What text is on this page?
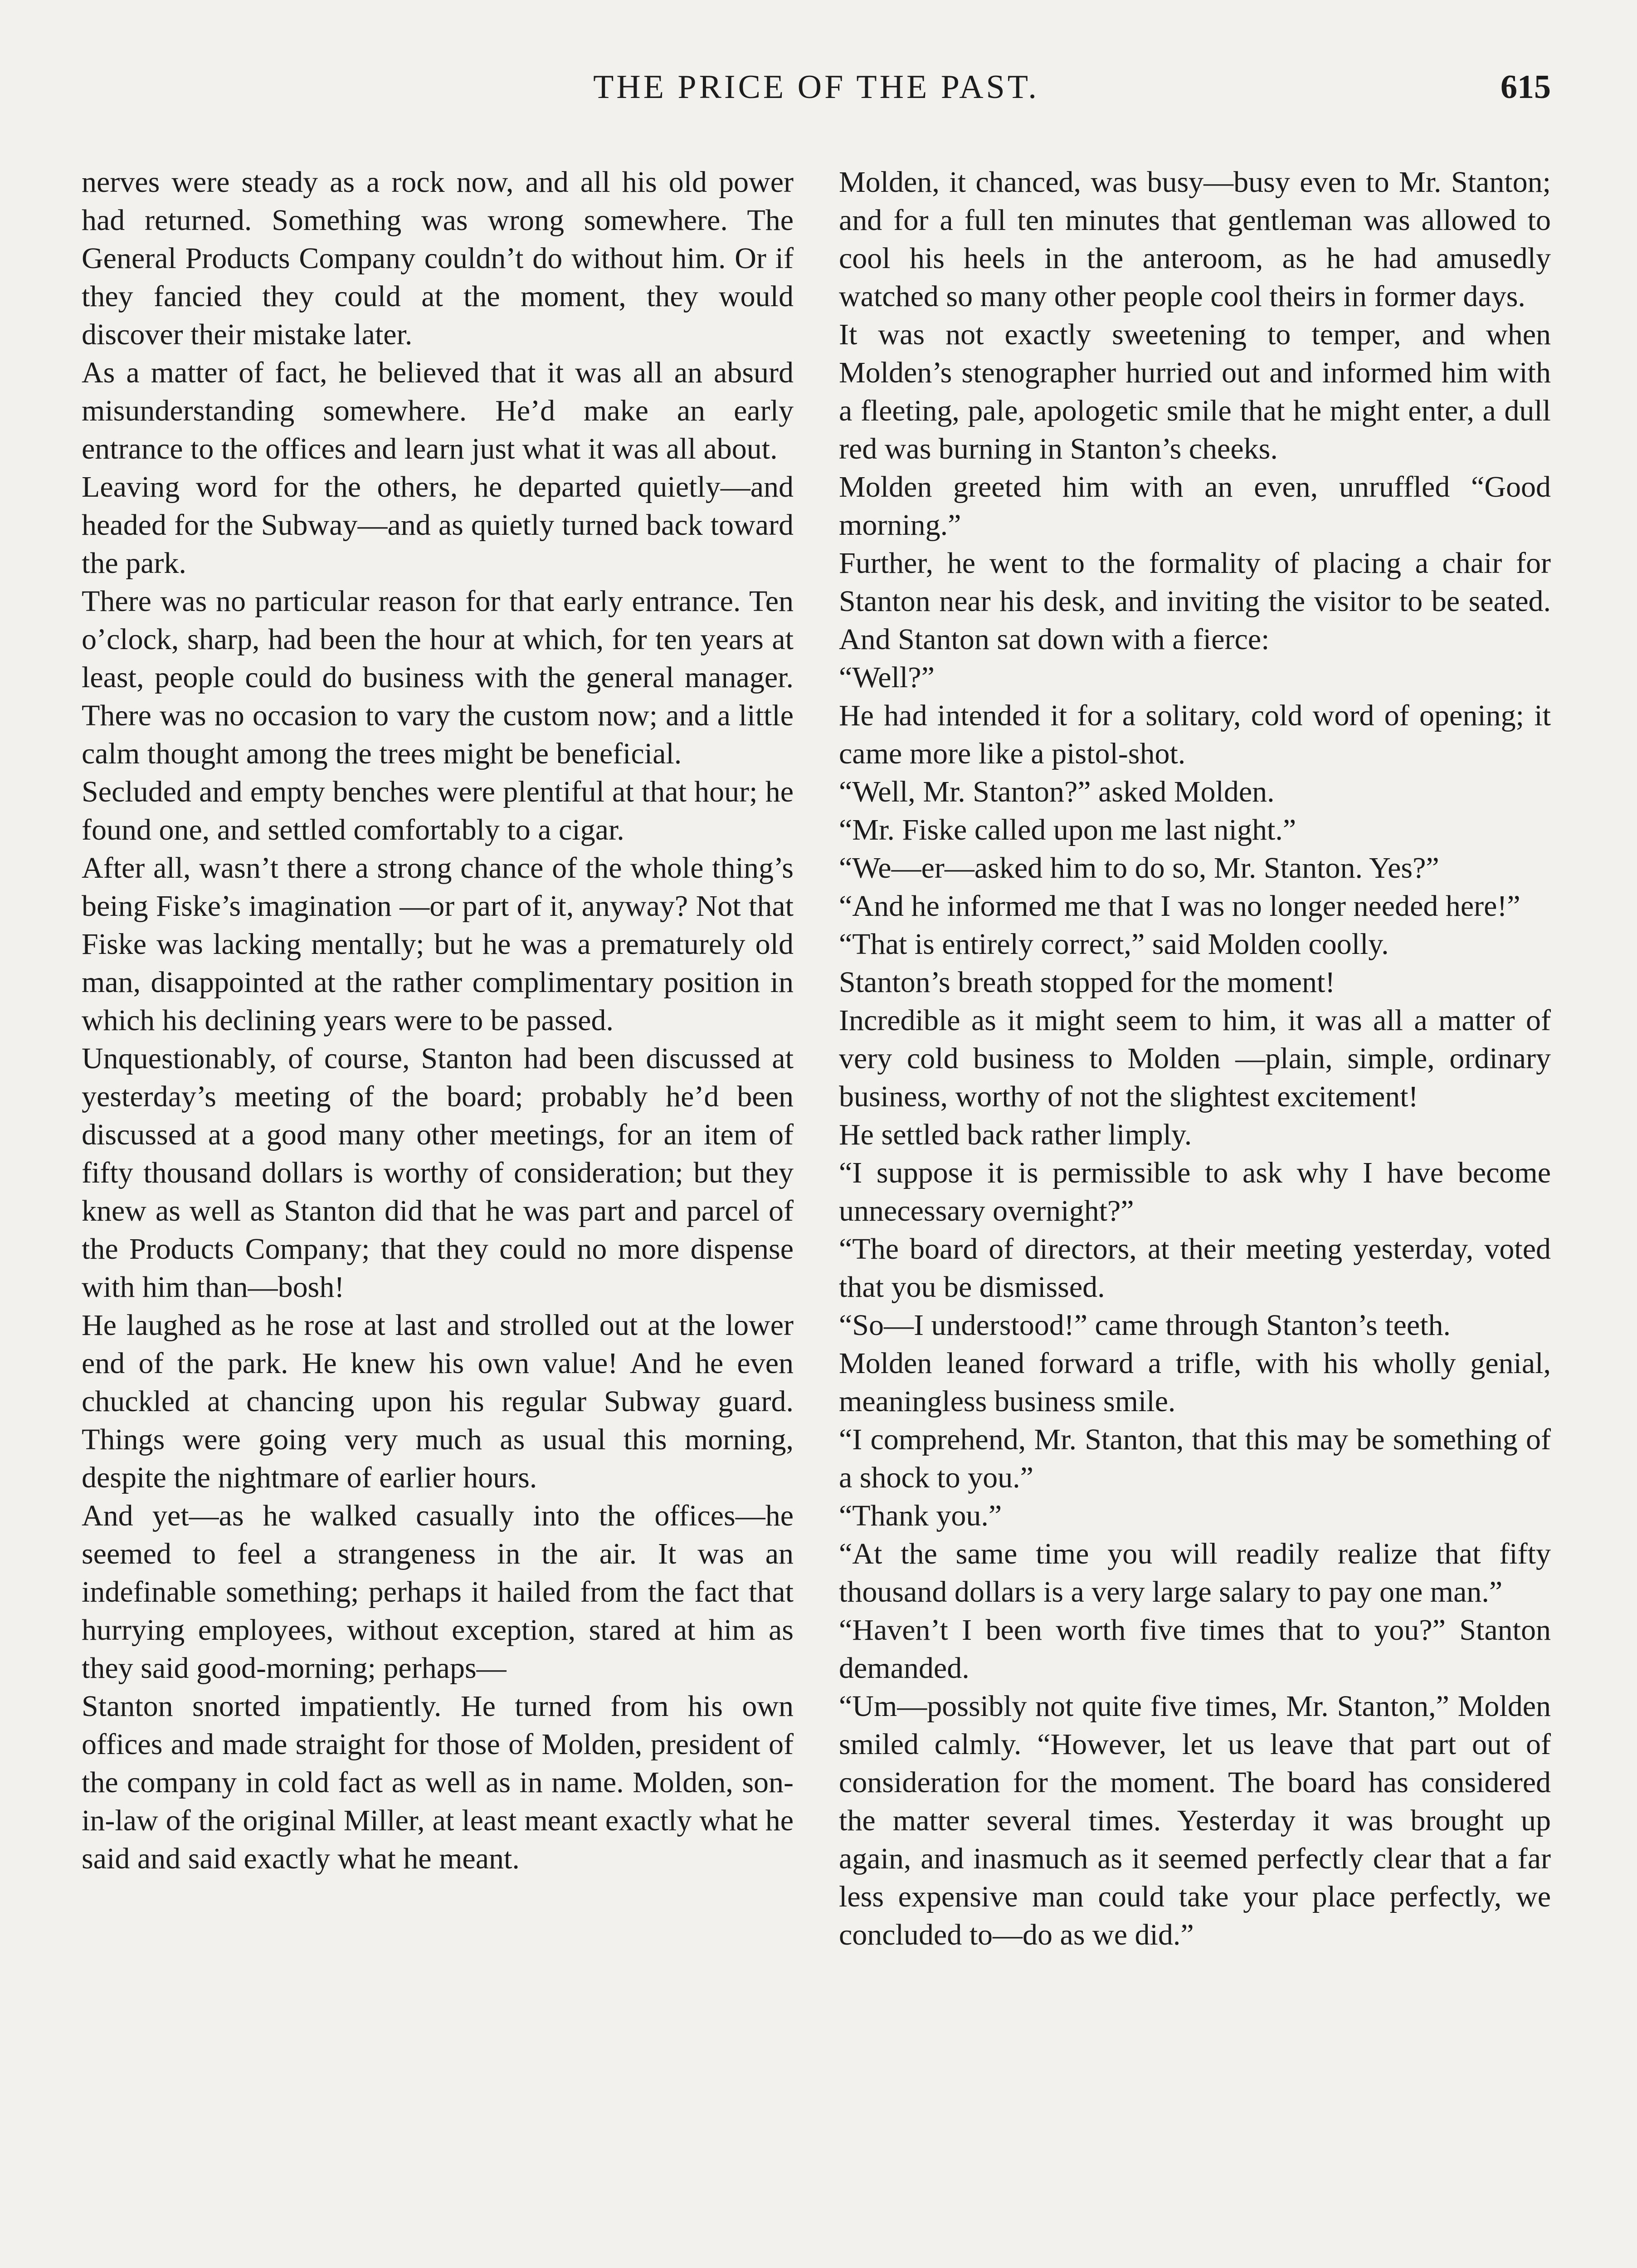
THE PRICE OF THE PAST.	615

nerves were steady as a rock now, and all his old power had returned. Something was wrong somewhere. The General Products Company couldn’t do without him. Or if they fancied they could at the moment, they would discover their mistake later.

As a matter of fact, he believed that it was all an absurd misunderstanding somewhere. He’d make an early entrance to the offices and learn just what it was all about.

Leaving word for the others, he departed quietly—and headed for the Subway—and as quietly turned back toward the park.

There was no particular reason for that early entrance. Ten o’clock, sharp, had been the hour at which, for ten years at least, people could do business with the general manager. There was no occasion to vary the custom now; and a little calm thought among the trees might be beneficial.

Secluded and empty benches were plentiful at that hour; he found one, and settled comfortably to a cigar.

After all, wasn’t there a strong chance of the whole thing’s being Fiske’s imagination —or part of it, anyway? Not that Fiske was lacking mentally; but he was a prematurely old man, disappointed at the rather complimentary position in which his declining years were to be passed.

Unquestionably, of course, Stanton had been discussed at yesterday’s meeting of the board; probably he’d been discussed at a good many other meetings, for an item of fifty thousand dollars is worthy of consideration; but they knew as well as Stanton did that he was part and parcel of the Products Company; that they could no more dispense with him than—bosh!

He laughed as he rose at last and strolled out at the lower end of the park. He knew his own value! And he even chuckled at chancing upon his regular Subway guard. Things were going very much as usual this morning, despite the nightmare of earlier hours.

And yet—as he walked casually into the offices—he seemed to feel a strangeness in the air. It was an indefinable something; perhaps it hailed from the fact that hurrying employees, without exception, stared at him as they said good-morning; perhaps—

Stanton snorted impatiently. He turned from his own offices and made straight for those of Molden, president of the company in cold fact as well as in name. Molden, son-in-law of the original Miller, at least meant exactly what he said and said exactly what he meant.

Molden, it chanced, was busy—busy even to Mr. Stanton; and for a full ten minutes that gentleman was allowed to cool his heels in the anteroom, as he had amusedly watched so many other people cool theirs in former days.

It was not exactly sweetening to temper, and when Molden’s stenographer hurried out and informed him with a fleeting, pale, apologetic smile that he might enter, a dull red was burning in Stanton’s cheeks.

Molden greeted him with an even, unruffled “Good morning.”

Further, he went to the formality of placing a chair for Stanton near his desk, and inviting the visitor to be seated. And Stanton sat down with a fierce:

“Well?”

He had intended it for a solitary, cold word of opening; it came more like a pistol-shot.

“Well, Mr. Stanton?” asked Molden.

“Mr. Fiske called upon me last night.”

“We—er—asked him to do so, Mr. Stanton. Yes?”

“And he informed me that I was no longer needed here!”

“That is entirely correct,” said Molden coolly.

Stanton’s breath stopped for the moment!

Incredible as it might seem to him, it was all a matter of very cold business to Molden —plain, simple, ordinary business, worthy of not the slightest excitement!

He settled back rather limply.

“I suppose it is permissible to ask why I have become unnecessary overnight?”

“The board of directors, at their meeting yesterday, voted that you be dismissed.

“So—I understood!” came through Stanton’s teeth.

Molden leaned forward a trifle, with his wholly genial, meaningless business smile.

“I comprehend, Mr. Stanton, that this may be something of a shock to you.”

“Thank you.”

“At the same time you will readily realize that fifty thousand dollars is a very large salary to pay one man.”

“Haven’t I been worth five times that to you?” Stanton demanded.

“Um—possibly not quite five times, Mr. Stanton,” Molden smiled calmly. “However, let us leave that part out of consideration for the moment. The board has considered the matter several times. Yesterday it was brought up again, and inasmuch as it seemed perfectly clear that a far less expensive man could take your place perfectly, we concluded to—do as we did.”
